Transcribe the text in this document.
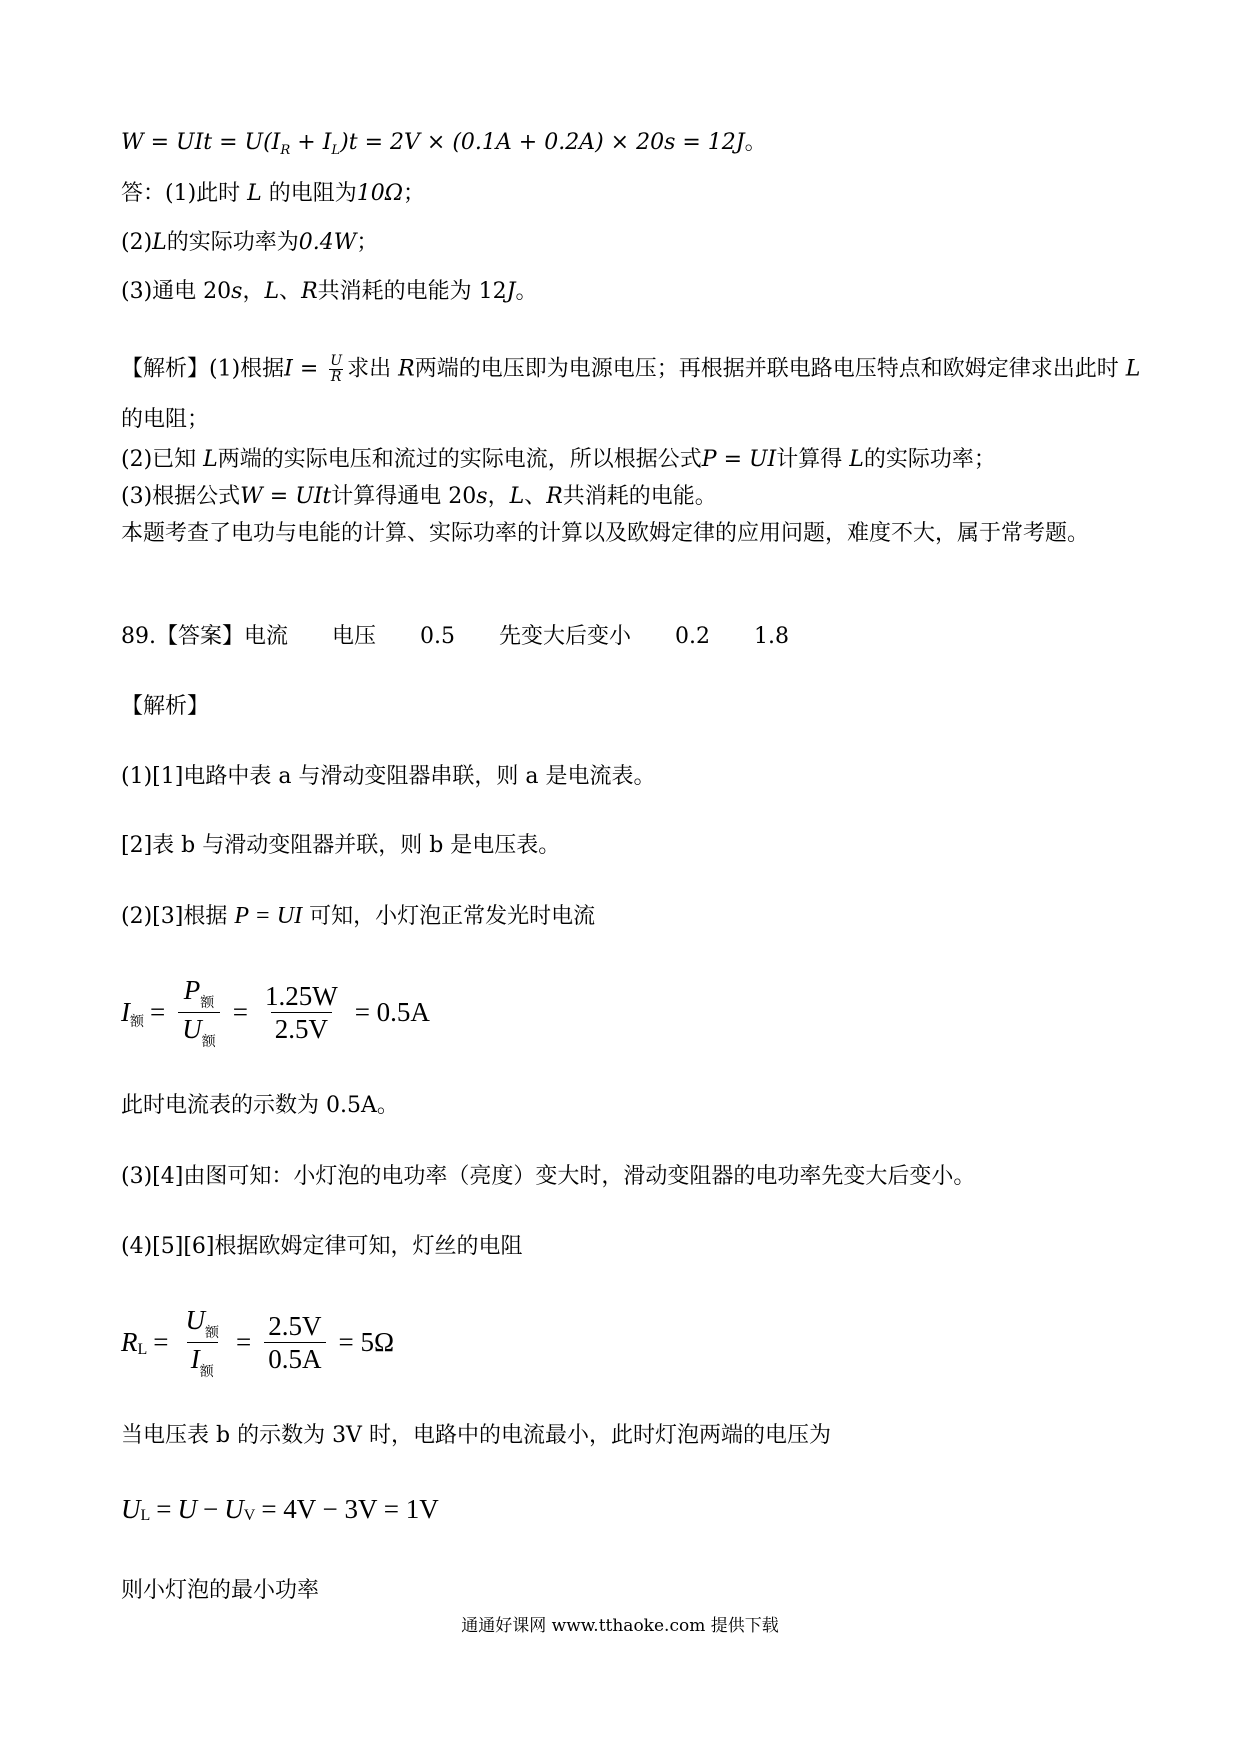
W = UIt = $U(I_R + I_L)t = 2V \times (0.1A + 0.2A) \times 20s = 12J$。
答：(1)此时 L 的电阻为10Ω；
(2)L的实际功率为0.4W；
(3)通电 20s，L、R共消耗的电能为 12J。
【解析】(1)根据$I = \frac{U}{R}$ 求出 R两端的电压即为电源电压；再根据并联电路电压特点和欧姆定律求出此时 L
的电阻；
(2)已知 L两端的实际电压和流过的实际电流，所以根据公式P = UI计算得 L的实际功率；
(3)根据公式W = UIt计算得通电 20s，L、R共消耗的电能。
本题考查了电功与电能的计算、实际功率的计算以及欧姆定律的应用问题，难度不大，属于常考题。
89.【答案】电流 电压 0.5 先变大后变小 0.2 1.8
【解析】
(1)[1]电路中表 a 与滑动变阻器串联，则 a 是电流表。
[2]表 b 与滑动变阻器并联，则 b 是电压表。
(2)[3]根据 P = UI 可知，小灯泡正常发光时电流
I 额 = $\frac{P_额}{U_额} = \frac{1.25W}{2.5V} = 0.5A$
此时电流表的示数为 0.5A。
(3)[4]由图可知：小灯泡的电功率（亮度）变大时，滑动变阻器的电功率先变大后变小。
(4)[5][6]根据欧姆定律可知，灯丝的电阻
R $L = \frac{U_额}{I_额} = \frac{2.5V}{0.5A} = 5\Omega$
当电压表 b 的示数为 3V 时，电路中的电流最小，此时灯泡两端的电压为
U L = U − U V = 4V − 3V = 1V
则小灯泡的最小功率
通通好课网 www.tthaoke.com 提供下载
